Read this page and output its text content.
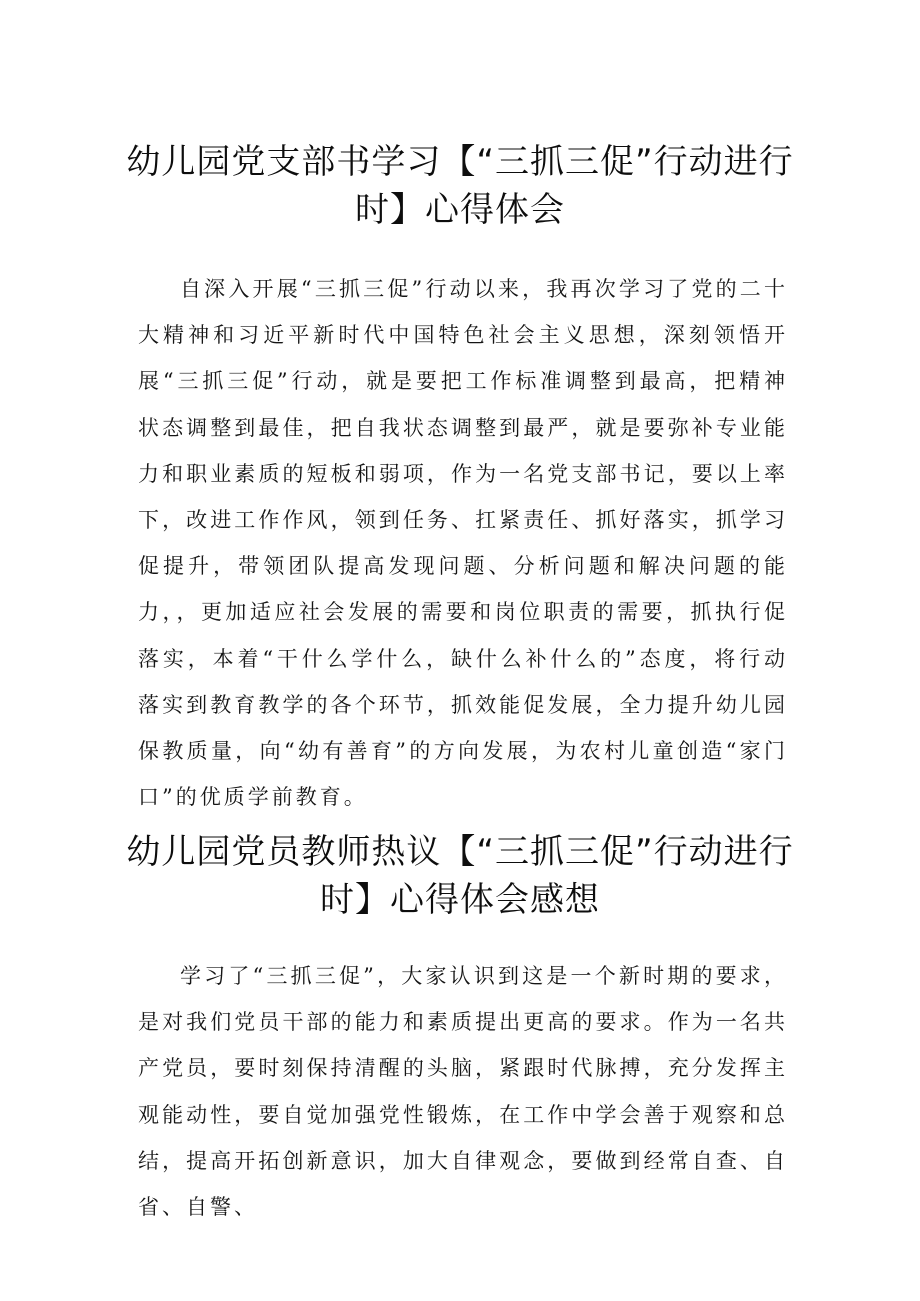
幼儿园党支部书学习【“三抓三促”行动进行时】心得体会

自深入开展“三抓三促”行动以来，我再次学习了党的二十大精神和习近平新时代中国特色社会主义思想，深刻领悟开展“三抓三促”行动，就是要把工作标准调整到最高，把精神状态调整到最佳，把自我状态调整到最严，就是要弥补专业能力和职业素质的短板和弱项，作为一名党支部书记，要以上率下，改进工作作风，领到任务、扛紧责任、抓好落实，抓学习促提升，带领团队提高发现问题、分析问题和解决问题的能力，，更加适应社会发展的需要和岗位职责的需要，抓执行促落实，本着“干什么学什么，缺什么补什么的”态度，将行动落实到教育教学的各个环节，抓效能促发展，全力提升幼儿园保教质量，向“幼有善育”的方向发展，为农村儿童创造“家门口”的优质学前教育。

幼儿园党员教师热议【“三抓三促”行动进行时】心得体会感想

学习了“三抓三促”，大家认识到这是一个新时期的要求，是对我们党员干部的能力和素质提出更高的要求。作为一名共产党员，要时刻保持清醒的头脑，紧跟时代脉搏，充分发挥主观能动性，要自觉加强党性锻炼，在工作中学会善于观察和总结，提高开拓创新意识，加大自律观念，要做到经常自查、自省、自警、
